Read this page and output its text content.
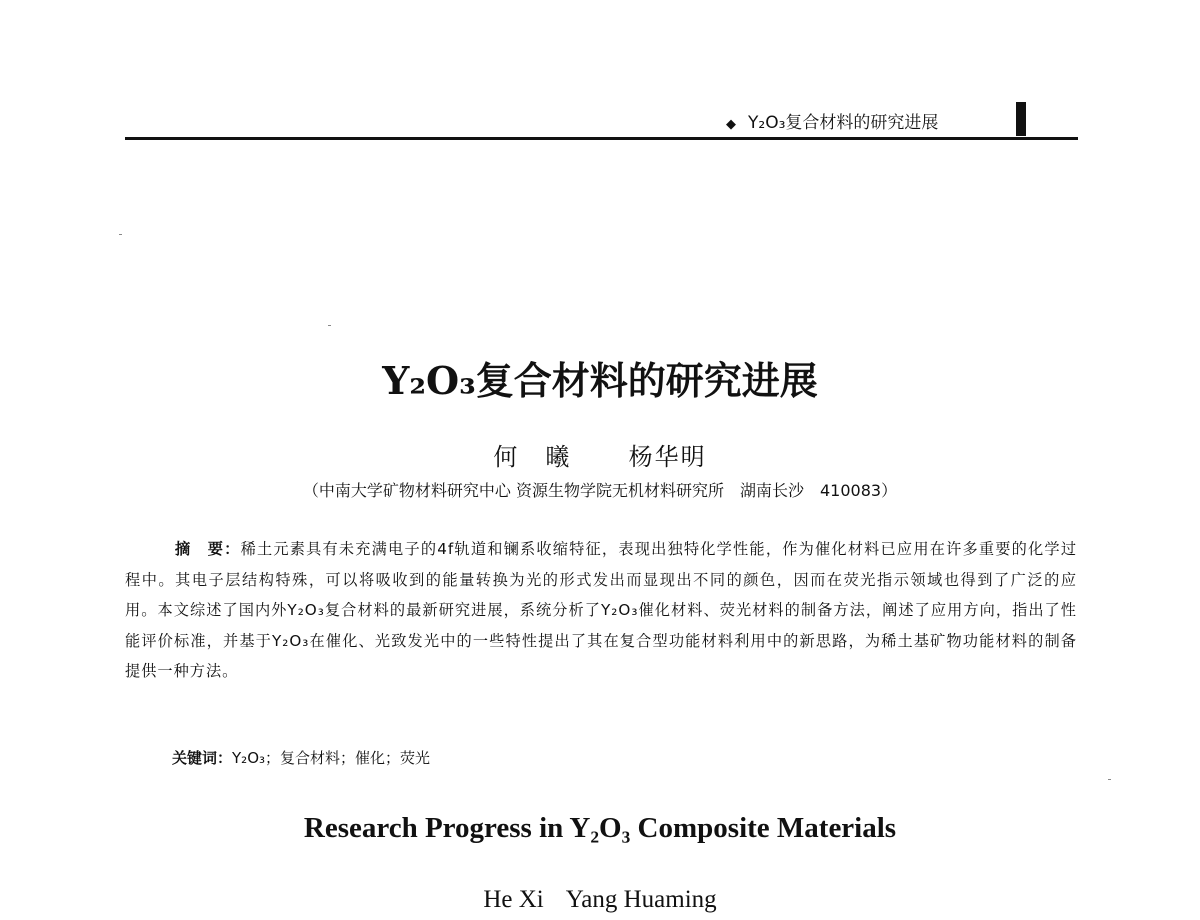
◆ Y₂O₃复合材料的研究进展
Y₂O₃复合材料的研究进展
何　曦 杨华明
（中南大学矿物材料研究中心 资源生物学院无机材料研究所　湖南长沙　410083）
摘　要：稀土元素具有未充满电子的4f轨道和镧系收缩特征，表现出独特化学性能，作为催化材料已应用在许多重要的化学过程中。其电子层结构特殊，可以将吸收到的能量转换为光的形式发出而显现出不同的颜色，因而在荧光指示领域也得到了广泛的应用。本文综述了国内外Y₂O₃复合材料的最新研究进展，系统分析了Y₂O₃催化材料、荧光材料的制备方法，阐述了应用方向，指出了性能评价标准，并基于Y₂O₃在催化、光致发光中的一些特性提出了其在复合型功能材料利用中的新思路，为稀土基矿物功能材料的制备提供一种方法。
关键词：Y₂O₃；复合材料；催化；荧光
Research Progress in Y₂O₃ Composite Materials
He Xi Yang Huaming
